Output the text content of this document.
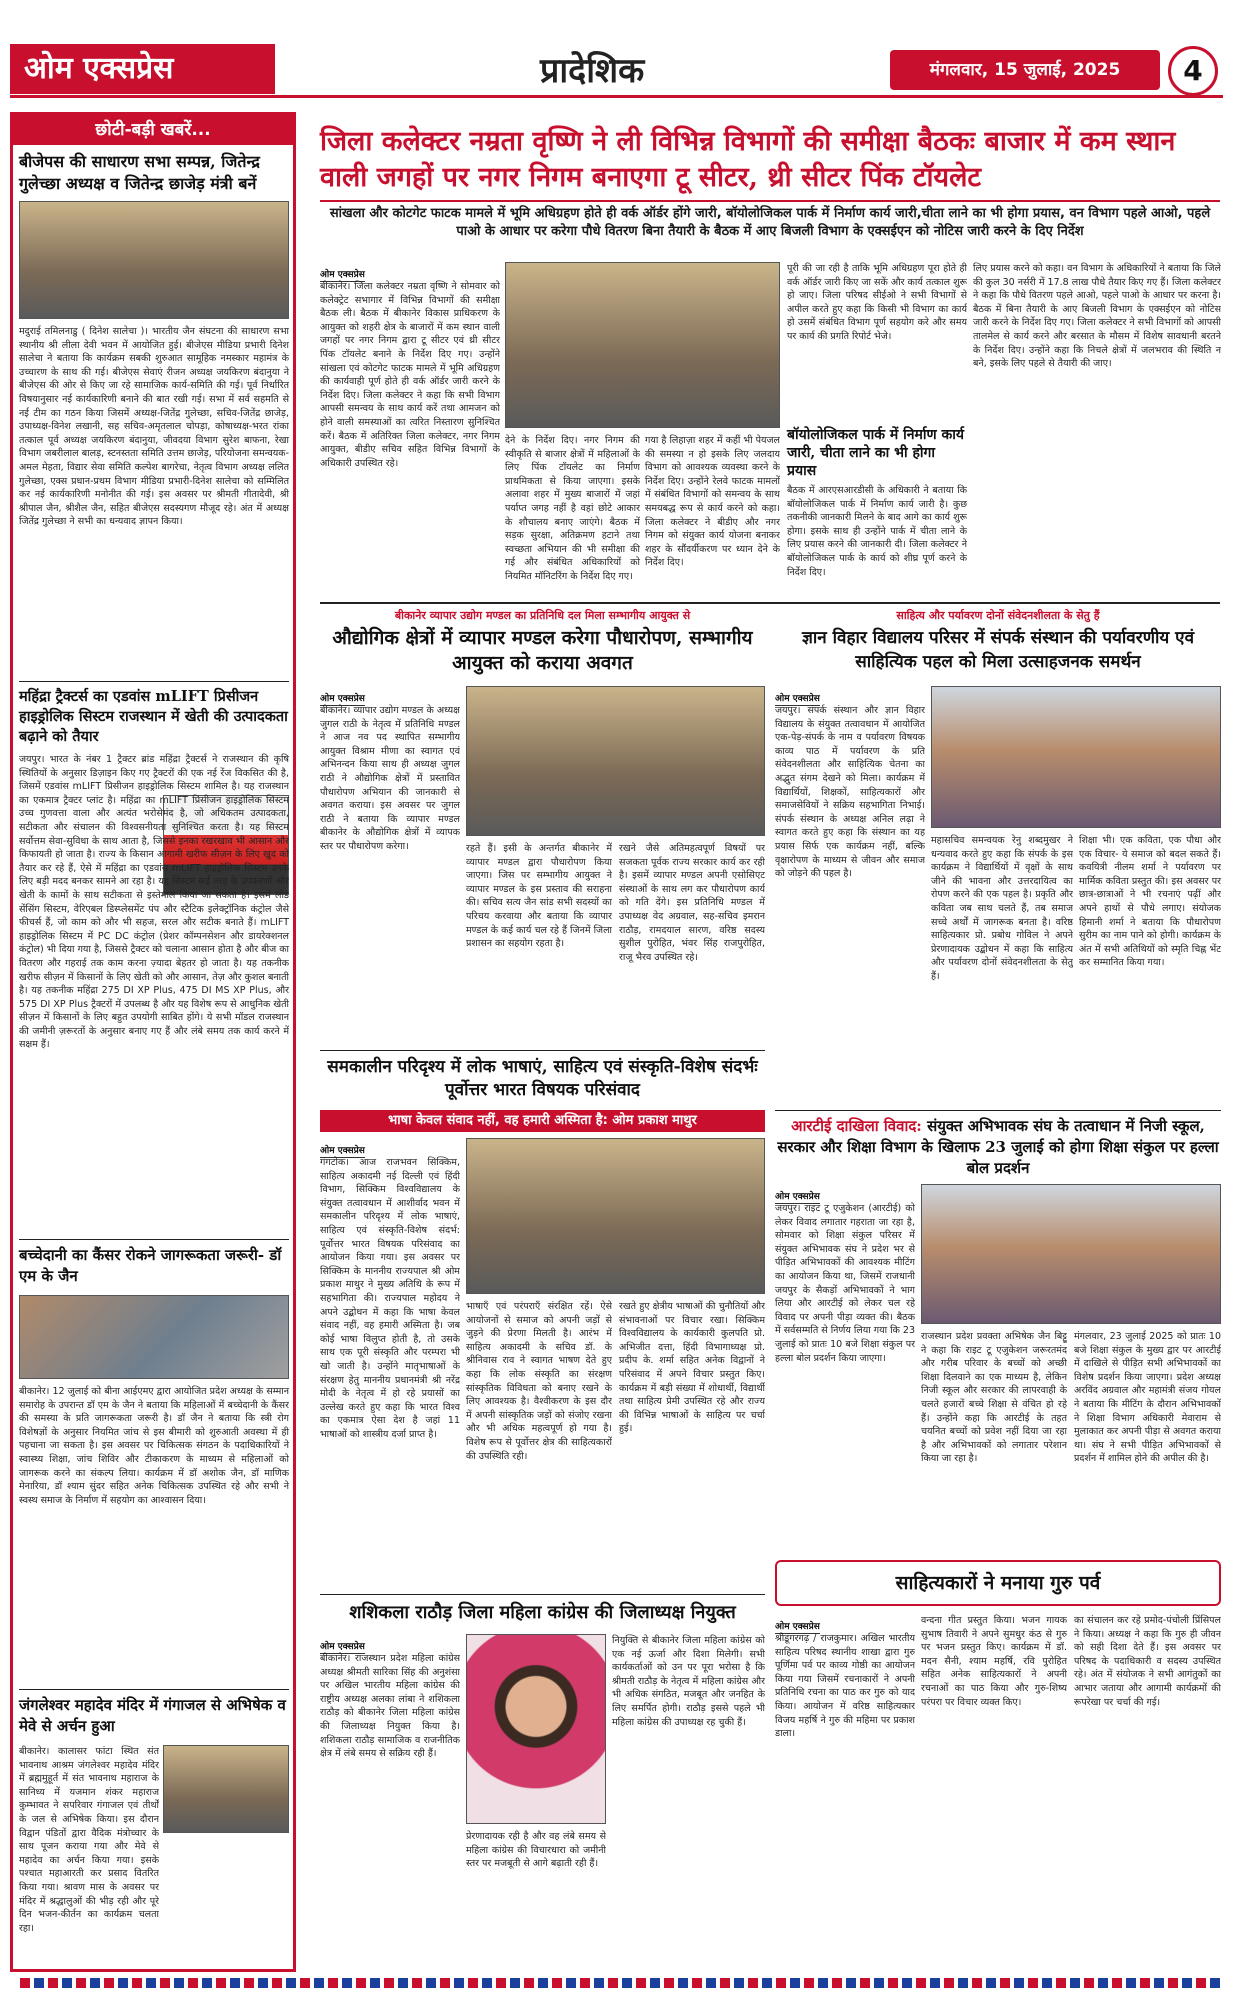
ओम एक्सप्रेस	प्रादेशिक	मंगलवार, 15 जुलाई, 2025	4
छोटी-बड़ी खबरें...
बीजेपस की साधारण सभा सम्पन्न, जितेन्द्र गुलेच्छा अध्यक्ष व जितेन्द्र छाजेड़ मंत्री बनें
मदुराई तमिलनाडु ( दिनेश सालेचा )। भारतीय जैन संघटना की साधारण सभा स्थानीय श्री लीला देवी भवन में आयोजित हुई। बीजेएस मीडिया प्रभारी दिनेश सालेचा ने बताया कि कार्यक्रम सबकी शुरुआत सामूहिक नमस्कार महामंत्र के उच्चारण के साथ की गई। बीजेएस सेवाएं रीजन अध्यक्ष जयकिरण बंदानुया ने बीजेएस की ओर से किए जा रहे सामाजिक कार्य-समिति की गई। पूर्व निर्धारित विषयानुसार नई कार्यकारिणी बनाने की बात रखी गई। सभा में सर्व सहमति से नई टीम का गठन किया जिसमें अध्यक्ष-जितेंद्र गुलेच्छा, सचिव-जितेंद्र छाजेड़, उपाध्यक्ष-विनेश लखानी, सह सचिव-अमृतलाल चोपड़ा, कोषाध्यक्ष-भरत रांका तत्काल पूर्व अध्यक्ष जयकिरण बंदानुया, जीवदया विभाग सुरेश बाफना, रेखा विभाग जबरीलाल बालड़, स्टनस्तता समिति उत्तम छाजेड़, परियोजना समन्वयक-अमल मेहता, विद्यार सेवा समिति कल्पेश बागरेचा, नेतृत्व विभाग अध्यक्ष ललित गुलेच्छा, एक्स प्रधान-प्रथम विभाग मीडिया प्रभारी-दिनेश सालेचा को सम्मिलित कर नई कार्यकारिणी मनोनीत की गई। इस अवसर पर श्रीमती गीतादेवी, श्री श्रीपाल जैन, श्रीशैल जैन, सहित बीजेएस सदस्यगण मौजूद रहे। अंत में अध्यक्ष जितेंद्र गुलेच्छा ने सभी का धन्यवाद ज्ञापन किया।
महिंद्रा ट्रैक्टर्स का एडवांस mLIFT प्रिसीजन हाइड्रोलिक सिस्टम राजस्थान में खेती की उत्पादकता बढ़ाने को तैयार
जयपुर। भारत के नंबर 1 ट्रैक्टर ब्रांड महिंद्रा ट्रैक्टर्स ने राजस्थान की कृषि स्थितियों के अनुसार डिज़ाइन किए गए ट्रैक्टरों की एक नई रेंज विकसित की है, जिसमें एडवांस mLIFT प्रिसीजन हाइड्रोलिक सिस्टम शामिल है। यह राजस्थान का एकमात्र ट्रैक्टर प्लांट है। महिंद्रा का mLIFT प्रिसीजन हाइड्रोलिक सिस्टम उच्च गुणवत्ता वाला और अत्यंत भरोसेमंद है, जो अधिकतम उत्पादकता, सटीकता और संचालन की विश्वसनीयता सुनिश्चित करता है। यह सिस्टम सर्वोत्तम सेवा-सुविधा के साथ आता है, जिससे इनका रखरखाव भी आसान और किफायती हो जाता है। राज्य के किसान आगामी खरीफ सीज़न के लिए खुद को तैयार कर रहे हैं, ऐसे में महिंद्रा का एडवांस mLIFT हाइड्रोलिक सिस्टम उनके लिए बड़ी मदद बनकर सामने आ रहा है। यह सिस्टम कई तरह के उपकरणों और खेती के कामों के साथ सटीकता से इस्तेमाल किया जा सकता है। इसमें लोड सेंसिंग सिस्टम, वेरिएबल डिस्प्लेसमेंट पंप और स्टैटिक इलेक्ट्रॉनिक कंट्रोल जैसे फीचर्स हैं, जो काम को और भी सहज, सरल और सटीक बनाते हैं। mLIFT हाइड्रोलिक सिस्टम में PC DC कंट्रोल (प्रेशर कॉम्पनसेशन और डायरेक्शनल कंट्रोल) भी दिया गया है, जिससे ट्रैक्टर को चलाना आसान होता है और बीज का वितरण और गहराई तक काम करना ज़्यादा बेहतर हो जाता है। यह तकनीक खरीफ सीज़न में किसानों के लिए खेती को और आसान, तेज़ और कुशल बनाती है। यह तकनीक महिंद्रा 275 DI XP Plus, 475 DI MS XP Plus, और 575 DI XP Plus ट्रैक्टरों में उपलब्ध है और यह विशेष रूप से आधुनिक खेती सीज़न में किसानों के लिए बहुत उपयोगी साबित होंगे। ये सभी मॉडल राजस्थान की जमीनी ज़रूरतों के अनुसार बनाए गए हैं और लंबे समय तक कार्य करने में सक्षम हैं।
बच्चेदानी का कैंसर रोकने जागरूकता जरूरी- डॉ एम के जैन
बीकानेर। 12 जुलाई को बीना आईएमए द्वारा आयोजित प्रदेश अध्यक्ष के सम्मान समारोह के उपरान्त डॉ एम के जैन ने बताया कि महिलाओं में बच्चेदानी के कैंसर की समस्या के प्रति जागरूकता जरूरी है। डॉ जैन ने बताया कि स्त्री रोग विशेषज्ञों के अनुसार नियमित जांच से इस बीमारी को शुरुआती अवस्था में ही पहचाना जा सकता है। इस अवसर पर चिकित्सक संगठन के पदाधिकारियों ने स्वास्थ्य शिक्षा, जांच शिविर और टीकाकरण के माध्यम से महिलाओं को जागरूक करने का संकल्प लिया। कार्यक्रम में डॉ अशोक जैन, डॉ माणिक मेनारिया, डॉ श्याम सुंदर सहित अनेक चिकित्सक उपस्थित रहे और सभी ने स्वस्थ समाज के निर्माण में सहयोग का आश्वासन दिया।
जंगलेश्वर महादेव मंदिर में गंगाजल से अभिषेक व मेवे से अर्चन हुआ
बीकानेर। कालासर फांटा स्थित संत भावनाथ आश्रम जंगलेश्वर महादेव मंदिर में ब्रह्ममुहूर्त में संत भावनाथ महाराज के सानिध्य में यजमान शंकर महाराज कुम्भावत ने सपरिवार गंगाजल एवं तीर्थों के जल से अभिषेक किया। इस दौरान विद्वान पंडितों द्वारा वैदिक मंत्रोच्चार के साथ पूजन कराया गया और मेवे से महादेव का अर्चन किया गया। इसके पश्चात महाआरती कर प्रसाद वितरित किया गया। श्रावण मास के अवसर पर मंदिर में श्रद्धालुओं की भीड़ रही और पूरे दिन भजन-कीर्तन का कार्यक्रम चलता रहा।
जिला कलेक्टर नम्रता वृष्णि ने ली विभिन्न विभागों की समीक्षा बैठकः बाजार में कम स्थान वाली जगहों पर नगर निगम बनाएगा टू सीटर, थ्री सीटर पिंक टॉयलेट
सांखला और कोटगेट फाटक मामले में भूमि अधिग्रहण होते ही वर्क ऑर्डर होंगे जारी, बॉयोलोजिकल पार्क में निर्माण कार्य जारी,चीता लाने का भी होगा प्रयास, वन विभाग पहले आओ, पहले पाओ के आधार पर करेगा पौधे वितरण बिना तैयारी के बैठक में आए बिजली विभाग के एक्सईएन को नोटिस जारी करने के दिए निर्देश
ओम एक्सप्रेस
बीकानेर। जिला कलेक्टर नम्रता वृष्णि ने सोमवार को कलेक्ट्रेट सभागार में विभिन्न विभागों की समीक्षा बैठक ली। बैठक में बीकानेर विकास प्राधिकरण के आयुक्त को शहरी क्षेत्र के बाजारों में कम स्थान वाली जगहों पर नगर निगम द्वारा टू सीटर एवं थ्री सीटर पिंक टॉयलेट बनाने के निर्देश दिए गए। उन्होंने सांखला एवं कोटगेट फाटक मामले में भूमि अधिग्रहण की कार्यवाही पूर्ण होते ही वर्क ऑर्डर जारी करने के निर्देश दिए। जिला कलेक्टर ने कहा कि सभी विभाग आपसी समन्वय के साथ कार्य करें तथा आमजन को होने वाली समस्याओं का त्वरित निस्तारण सुनिश्चित करें। बैठक में अतिरिक्त जिला कलेक्टर, नगर निगम आयुक्त, बीडीए सचिव सहित विभिन्न विभागों के अधिकारी उपस्थित रहे।
देने के निर्देश दिए। नगर निगम की स्वीकृति से बाजार क्षेत्रों में महिलाओं के लिए पिंक टॉयलेट का निर्माण प्राथमिकता से किया जाएगा। इसके अलावा शहर में मुख्य बाजारों में जहां पर्याप्त जगह नहीं है वहां छोटे आकार के शौचालय बनाए जाएंगे। बैठक में सड़क सुरक्षा, अतिक्रमण हटाने तथा स्वच्छता अभियान की भी समीक्षा की गई और संबंधित अधिकारियों को नियमित मॉनिटरिंग के निर्देश दिए गए।
गया है लिहाज़ा शहर में कहीं भी पेयजल की समस्या न हो इसके लिए जलदाय विभाग को आवश्यक व्यवस्था करने के निर्देश दिए। उन्होंने रेलवे फाटक मामलों में संबंधित विभागों को समन्वय के साथ समयबद्ध रूप से कार्य करने को कहा। जिला कलेक्टर ने बीडीए और नगर निगम को संयुक्त कार्य योजना बनाकर शहर के सौंदर्यीकरण पर ध्यान देने के निर्देश दिए।
पूरी की जा रही है ताकि भूमि अधिग्रहण पूरा होते ही वर्क ऑर्डर जारी किए जा सकें और कार्य तत्काल शुरू हो जाए। जिला परिषद सीईओ ने सभी विभागों से अपील करते हुए कहा कि किसी भी विभाग का कार्य हो उसमें संबंधित विभाग पूर्ण सहयोग करे और समय पर कार्य की प्रगति रिपोर्ट भेजे।
बॉयोलोजिकल पार्क में निर्माण कार्य जारी, चीता लाने का भी होगा प्रयास
बैठक में आरएसआरडीसी के अधिकारी ने बताया कि बॉयोलोजिकल पार्क में निर्माण कार्य जारी है। कुछ तकनीकी जानकारी मिलने के बाद आगे का कार्य शुरू होगा। इसके साथ ही उन्होंने पार्क में चीता लाने के लिए प्रयास करने की जानकारी दी। जिला कलेक्टर ने बॉयोलोजिकल पार्क के कार्य को शीघ्र पूर्ण करने के निर्देश दिए।
लिए प्रयास करने को कहा। वन विभाग के अधिकारियों ने बताया कि जिले की कुल 30 नर्सरी में 17.8 लाख पौधे तैयार किए गए हैं। जिला कलेक्टर ने कहा कि पौधे वितरण पहले आओ, पहले पाओ के आधार पर करना है। बैठक में बिना तैयारी के आए बिजली विभाग के एक्सईएन को नोटिस जारी करने के निर्देश दिए गए। जिला कलेक्टर ने सभी विभागों को आपसी तालमेल से कार्य करने और बरसात के मौसम में विशेष सावधानी बरतने के निर्देश दिए। उन्होंने कहा कि निचले क्षेत्रों में जलभराव की स्थिति न बने, इसके लिए पहले से तैयारी की जाए।
बीकानेर व्यापार उद्योग मण्डल का प्रतिनिधि दल मिला सम्भागीय आयुक्त से
औद्योगिक क्षेत्रों में व्यापार मण्डल करेगा पौधारोपण, सम्भागीय आयुक्त को कराया अवगत
ओम एक्सप्रेस
बीकानेर। व्यापार उद्योग मण्डल के अध्यक्ष जुगल राठी के नेतृत्व में प्रतिनिधि मण्डल ने आज नव पद स्थापित सम्भागीय आयुक्त विश्राम मीणा का स्वागत एवं अभिनन्दन किया साथ ही अध्यक्ष जुगल राठी ने औद्योगिक क्षेत्रों में प्रस्तावित पौधारोपण अभियान की जानकारी से अवगत कराया। इस अवसर पर जुगल राठी ने बताया कि व्यापार मण्डल बीकानेर के औद्योगिक क्षेत्रों में व्यापक स्तर पर पौधारोपण करेगा।	रहते हैं। इसी के अन्तर्गत बीकानेर में व्यापार मण्डल द्वारा पौधारोपण किया जाएगा। जिस पर सम्भागीय आयुक्त ने व्यापार मण्डल के इस प्रस्ताव की सराहना की। सचिव सत्य जैन सांड सभी सदस्यों का परिचय करवाया और बताया कि व्यापार मण्डल के कई कार्य चल रहे हैं जिनमें जिला प्रशासन का सहयोग रहता है।
रखने जैसे अतिमहत्वपूर्ण विषयों पर सजकता पूर्वक राज्य सरकार कार्य कर रही है। इसमें व्यापार मण्डल अपनी एसोसिएट संस्थाओं के साथ लग कर पौधारोपण कार्य को गति देंगे। इस प्रतिनिधि मण्डल में उपाध्यक्ष वेद अग्रवाल, सह-सचिव इमरान राठौड़, रामदयाल सारण, वरिष्ठ सदस्य सुशील पुरोहित, भंवर सिंह राजपुरोहित, राजू भैरव उपस्थित रहे।
साहित्य और पर्यावरण दोनों संवेदनशीलता के सेतु हैं
ज्ञान विहार विद्यालय परिसर में संपर्क संस्थान की पर्यावरणीय एवं साहित्यिक पहल को मिला उत्साहजनक समर्थन
ओम एक्सप्रेस
जयपुर। संपर्क संस्थान और ज्ञान विहार विद्यालय के संयुक्त तत्वावधान में आयोजित एक-पेड़-संपर्क के नाम व पर्यावरण विषयक काव्य पाठ में पर्यावरण के प्रति संवेदनशीलता और साहित्यिक चेतना का अद्भुत संगम देखने को मिला। कार्यक्रम में विद्यार्थियों, शिक्षकों, साहित्यकारों और समाजसेवियों ने सक्रिय सहभागिता निभाई। संपर्क संस्थान के अध्यक्ष अनिल लढ़ा ने स्वागत करते हुए कहा कि संस्थान का यह प्रयास सिर्फ एक कार्यक्रम नहीं, बल्कि वृक्षारोपण के माध्यम से जीवन और समाज को जोड़ने की पहल है।
महासचिव समन्वयक रेनु शब्दमुखर ने धन्यवाद करते हुए कहा कि संपर्क के इस कार्यक्रम ने विद्यार्थियों में वृक्षों के साथ जीने की भावना और उत्तरदायित्व का रोपण करने की एक पहल है। प्रकृति और कविता जब साथ चलते हैं, तब समाज सच्चे अर्थों में जागरूक बनता है। वरिष्ठ साहित्यकार प्रो. प्रबोध गोविल ने अपने प्रेरणादायक उद्बोधन में कहा कि साहित्य और पर्यावरण दोनों संवेदनशीलता के सेतु हैं।
शिक्षा भी। एक कविता, एक पौधा और एक विचार- ये समाज को बदल सकते हैं। कवयित्री नीलम शर्मा ने पर्यावरण पर मार्मिक कविता प्रस्तुत की। इस अवसर पर छात्र-छात्राओं ने भी रचनाएं पढ़ीं और अपने हाथों से पौधे लगाए। संयोजक हिमानी शर्मा ने बताया कि पौधारोपण सुरीम का नाम पाने को होगी। कार्यक्रम के अंत में सभी अतिथियों को स्मृति चिह्न भेंट कर सम्मानित किया गया।
समकालीन परिदृश्य में लोक भाषाएं, साहित्य एवं संस्कृति-विशेष संदर्भः पूर्वोत्तर भारत विषयक परिसंवाद
भाषा केवल संवाद नहीं, वह हमारी अस्मिता है: ओम प्रकाश माथुर
ओम एक्सप्रेस
गंगटोक। आज राजभवन सिक्किम, साहित्य अकादमी नई दिल्ली एवं हिंदी विभाग, सिक्किम विश्वविद्यालय के संयुक्त तत्वावधान में आशीर्वाद भवन में समकालीन परिदृश्य में लोक भाषाएं, साहित्य एवं संस्कृति-विशेष संदर्भ: पूर्वोत्तर भारत विषयक परिसंवाद का आयोजन किया गया। इस अवसर पर सिक्किम के माननीय राज्यपाल श्री ओम प्रकाश माथुर ने मुख्य अतिथि के रूप में सहभागिता की। राज्यपाल महोदय ने अपने उद्बोधन में कहा कि भाषा केवल संवाद नहीं, वह हमारी अस्मिता है। जब कोई भाषा विलुप्त होती है, तो उसके साथ एक पूरी संस्कृति और परम्परा भी खो जाती है। उन्होंने मातृभाषाओं के संरक्षण हेतु माननीय प्रधानमंत्री श्री नरेंद्र मोदी के नेतृत्व में हो रहे प्रयासों का उल्लेख करते हुए कहा कि भारत विश्व का एकमात्र ऐसा देश है जहां 11 भाषाओं को शास्त्रीय दर्जा प्राप्त है।
भाषाएँ एवं परंपराएँ संरक्षित रहें। ऐसे आयोजनों से समाज को अपनी जड़ों से जुड़ने की प्रेरणा मिलती है। आरंभ में साहित्य अकादमी के सचिव डॉ. के श्रीनिवास राव ने स्वागत भाषण देते हुए कहा कि लोक संस्कृति का संरक्षण सांस्कृतिक विविधता को बनाए रखने के लिए आवश्यक है। वैश्वीकरण के इस दौर में अपनी सांस्कृतिक जड़ों को संजोए रखना और भी अधिक महत्वपूर्ण हो गया है। विशेष रूप से पूर्वोत्तर क्षेत्र की साहित्यकारों की उपस्थिति रही।
रखते हुए क्षेत्रीय भाषाओं की चुनौतियों और संभावनाओं पर विचार रखा। सिक्किम विश्वविद्यालय के कार्यकारी कुलपति प्रो. अभिजीत दत्ता, हिंदी विभागाध्यक्ष प्रो. प्रदीप के. शर्मा सहित अनेक विद्वानों ने परिसंवाद में अपने विचार प्रस्तुत किए। कार्यक्रम में बड़ी संख्या में शोधार्थी, विद्यार्थी तथा साहित्य प्रेमी उपस्थित रहे और राज्य की विभिन्न भाषाओं के साहित्य पर चर्चा हुई।
आरटीई दाखिला विवाद: संयुक्त अभिभावक संघ के तत्वाधान में निजी स्कूल, सरकार और शिक्षा विभाग के खिलाफ 23 जुलाई को होगा शिक्षा संकुल पर हल्ला बोल प्रदर्शन
ओम एक्सप्रेस
जयपुर। राइट टू एजुकेशन (आरटीई) को लेकर विवाद लगातार गहराता जा रहा है, सोमवार को शिक्षा संकुल परिसर में संयुक्त अभिभावक संघ ने प्रदेश भर से पीड़ित अभिभावकों की आवश्यक मीटिंग का आयोजन किया था, जिसमें राजधानी जयपुर के सैकड़ों अभिभावकों ने भाग लिया और आरटीई को लेकर चल रहे विवाद पर अपनी पीड़ा व्यक्त की। बैठक में सर्वसम्मति से निर्णय लिया गया कि 23 जुलाई को प्रातः 10 बजे शिक्षा संकुल पर हल्ला बोल प्रदर्शन किया जाएगा।
राजस्थान प्रदेश प्रवक्ता अभिषेक जैन बिट्टू ने कहा कि राइट टू एजुकेशन जरूरतमंद और गरीब परिवार के बच्चों को अच्छी शिक्षा दिलवाने का एक माध्यम है, लेकिन निजी स्कूल और सरकार की लापरवाही के चलते हजारों बच्चे शिक्षा से वंचित हो रहे हैं। उन्होंने कहा कि आरटीई के तहत चयनित बच्चों को प्रवेश नहीं दिया जा रहा है और अभिभावकों को लगातार परेशान किया जा रहा है।
मंगलवार, 23 जुलाई 2025 को प्रातः 10 बजे शिक्षा संकुल के मुख्य द्वार पर आरटीई में दाखिले से पीड़ित सभी अभिभावकों का विशेष प्रदर्शन किया जाएगा। प्रदेश अध्यक्ष अरविंद अग्रवाल और महामंत्री संजय गोयल ने बताया कि मीटिंग के दौरान अभिभावकों ने शिक्षा विभाग अधिकारी मेवाराम से मुलाकात कर अपनी पीड़ा से अवगत कराया था। संघ ने सभी पीड़ित अभिभावकों से प्रदर्शन में शामिल होने की अपील की है।
शशिकला राठौड़ जिला महिला कांग्रेस की जिलाध्यक्ष नियुक्त
ओम एक्सप्रेस
बीकानेर। राजस्थान प्रदेश महिला कांग्रेस अध्यक्ष श्रीमती सारिका सिंह की अनुशंसा पर अखिल भारतीय महिला कांग्रेस की राष्ट्रीय अध्यक्ष अलका लांबा ने शशिकला राठौड़ को बीकानेर जिला महिला कांग्रेस की जिलाध्यक्ष नियुक्त किया है। शशिकला राठौड़ सामाजिक व राजनीतिक क्षेत्र में लंबे समय से सक्रिय रही हैं।
प्रेरणादायक रही है और वह लंबे समय से महिला कांग्रेस की विचारधारा को जमीनी स्तर पर मजबूती से आगे बढ़ाती रही हैं।
नियुक्ति से बीकानेर जिला महिला कांग्रेस को एक नई ऊर्जा और दिशा मिलेगी। सभी कार्यकर्ताओं को उन पर पूरा भरोसा है कि श्रीमती राठौड़ के नेतृत्व में महिला कांग्रेस और भी अधिक संगठित, मजबूत और जनहित के लिए समर्पित होगी। राठौड़ इससे पहले भी महिला कांग्रेस की उपाध्यक्ष रह चुकी हैं।
साहित्यकारों ने मनाया गुरु पर्व
ओम एक्सप्रेस
श्रीडूंगरगढ़ / राजकुमार। अखिल भारतीय साहित्य परिषद स्थानीय शाखा द्वारा गुरु पूर्णिमा पर्व पर काव्य गोष्ठी का आयोजन किया गया जिसमें रचनाकारों ने अपनी प्रतिनिधि रचना का पाठ कर गुरु को याद किया। आयोजन में वरिष्ठ साहित्यकार विजय महर्षि ने गुरु की महिमा पर प्रकाश डाला।
वन्दना गीत प्रस्तुत किया। भजन गायक सुभाष तिवारी ने अपने सुमधुर कंठ से गुरु पर भजन प्रस्तुत किए। कार्यक्रम में डॉ. मदन सैनी, श्याम महर्षि, रवि पुरोहित सहित अनेक साहित्यकारों ने अपनी रचनाओं का पाठ किया और गुरु-शिष्य परंपरा पर विचार व्यक्त किए।
का संचालन कर रहे प्रमोद-पंचोली प्रिंसिपल ने किया। अध्यक्ष ने कहा कि गुरु ही जीवन को सही दिशा देते हैं। इस अवसर पर परिषद के पदाधिकारी व सदस्य उपस्थित रहे। अंत में संयोजक ने सभी आगंतुकों का आभार जताया और आगामी कार्यक्रमों की रूपरेखा पर चर्चा की गई।
